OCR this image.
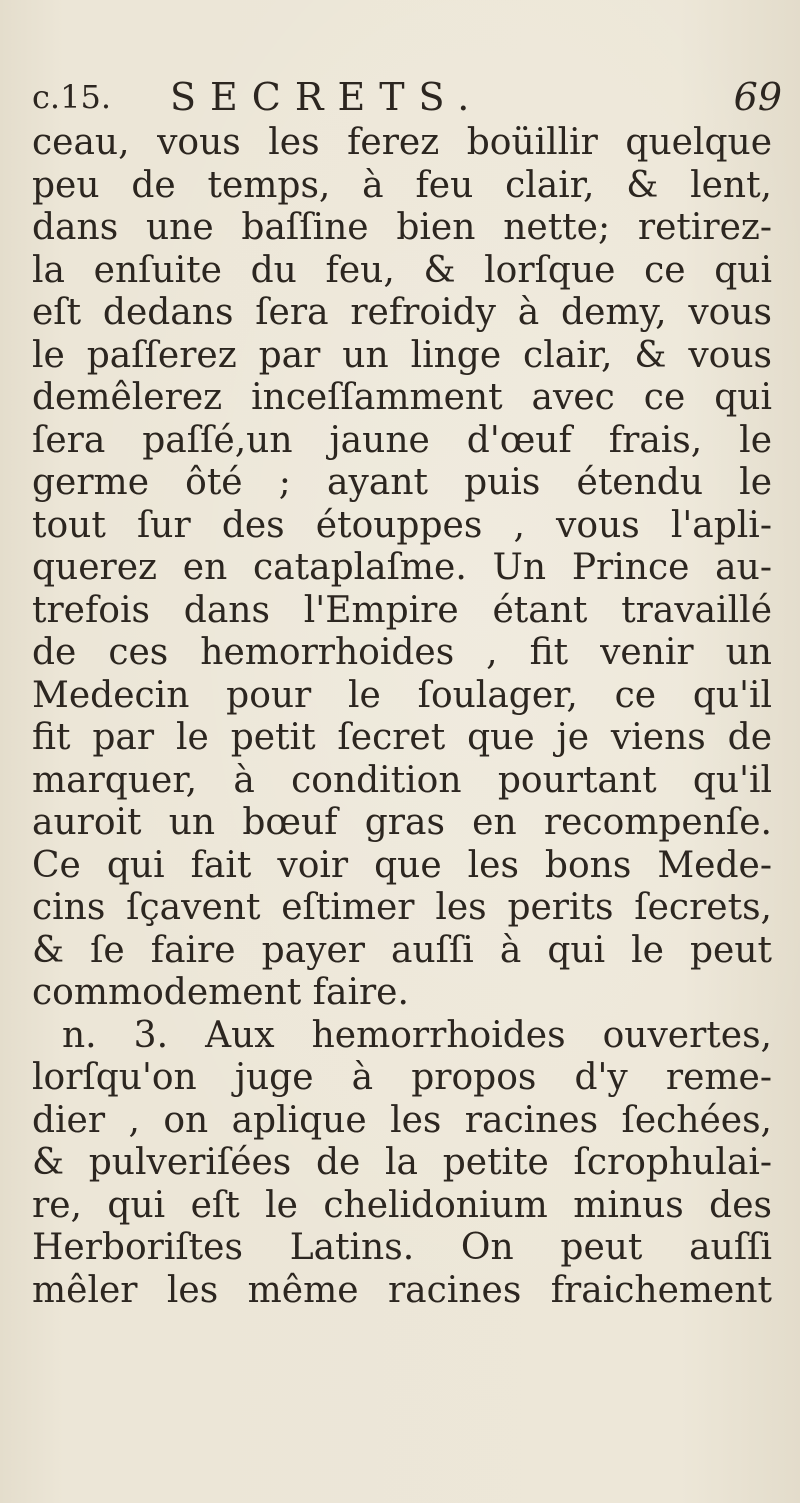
c.15. SECRETS.	69
ceau, vous les ferez boüillir quelque
peu de temps, à feu clair, & lent,
dans une baſſine bien nette; retirez-
la enſuite du feu, & lorſque ce qui
eſt dedans ſera refroidy à demy, vous
le paſſerez par un linge clair, & vous
demêlerez inceſſamment avec ce qui
ſera paſſé,un jaune d'œuf frais, le
germe ôté ; ayant puis étendu le
tout ſur des étouppes , vous l'apli-
querez en cataplaſme. Un Prince au-
trefois dans l'Empire étant travaillé
de ces hemorrhoides , fit venir un
Medecin pour le ſoulager, ce qu'il
fit par le petit ſecret que je viens de
marquer, à condition pourtant qu'il
auroit un bœuf gras en recompenſe.
Ce qui fait voir que les bons Mede-
cins ſçavent eſtimer les perits ſecrets,
& ſe faire payer auſſi à qui le peut
commodement faire.
n. 3. Aux hemorrhoides ouvertes,
lorſqu'on juge à propos d'y reme-
dier , on aplique les racines ſechées,
& pulveriſées de la petite ſcrophulai-
re, qui eſt le chelidonium minus des
Herboriſtes Latins. On peut auſſi
mêler les même racines fraichement
